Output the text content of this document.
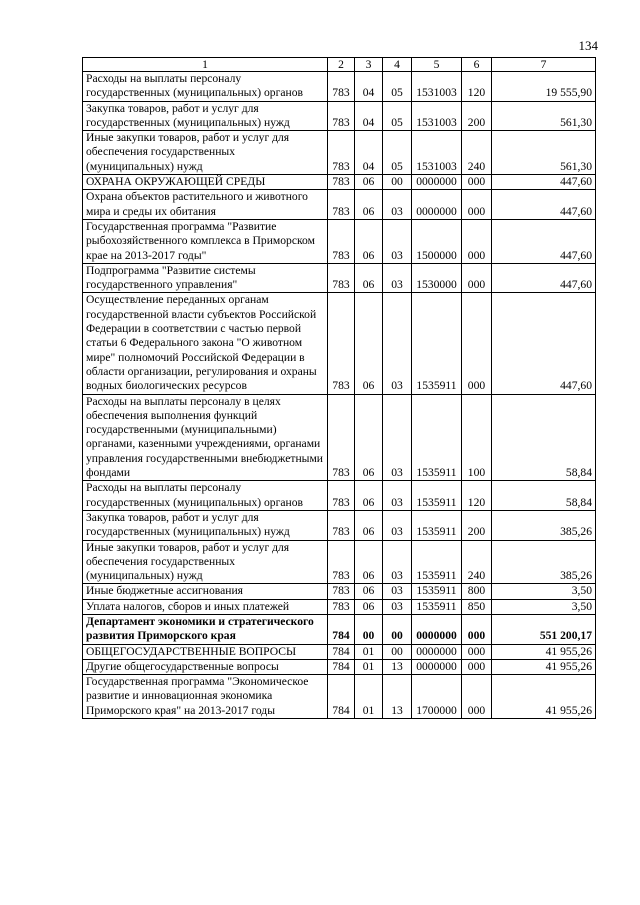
134
1	2	3	4	5	6	7
Расходы на выплаты персоналу государственных (муниципальных) органов	783	04	05	1531003	120	19 555,90
Закупка товаров, работ и услуг для государственных (муниципальных) нужд	783	04	05	1531003	200	561,30
Иные закупки товаров, работ и услуг для обеспечения государственных (муниципальных) нужд	783	04	05	1531003	240	561,30
ОХРАНА ОКРУЖАЮЩЕЙ СРЕДЫ	783	06	00	0000000	000	447,60
Охрана объектов растительного и животного мира и среды их обитания	783	06	03	0000000	000	447,60
Государственная программа "Развитие рыбохозяйственного комплекса в Приморском крае на 2013-2017 годы"	783	06	03	1500000	000	447,60
Подпрограмма "Развитие системы государственного управления"	783	06	03	1530000	000	447,60
Осуществление переданных органам государственной власти субъектов Российской Федерации в соответствии с частью первой статьи 6 Федерального закона "О животном мире" полномочий Российской Федерации в области организации, регулирования и охраны водных биологических ресурсов	783	06	03	1535911	000	447,60
Расходы на выплаты персоналу в целях обеспечения выполнения функций государственными (муниципальными) органами, казенными учреждениями, органами управления государственными внебюджетными фондами	783	06	03	1535911	100	58,84
Расходы на выплаты персоналу государственных (муниципальных) органов	783	06	03	1535911	120	58,84
Закупка товаров, работ и услуг для государственных (муниципальных) нужд	783	06	03	1535911	200	385,26
Иные закупки товаров, работ и услуг для обеспечения государственных (муниципальных) нужд	783	06	03	1535911	240	385,26
Иные бюджетные ассигнования	783	06	03	1535911	800	3,50
Уплата налогов, сборов и иных платежей	783	06	03	1535911	850	3,50
Департамент экономики и стратегического развития Приморского края	784	00	00	0000000	000	551 200,17
ОБЩЕГОСУДАРСТВЕННЫЕ ВОПРОСЫ	784	01	00	0000000	000	41 955,26
Другие общегосударственные вопросы	784	01	13	0000000	000	41 955,26
Государственная программа "Экономическое развитие и инновационная экономика Приморского края" на 2013-2017 годы	784	01	13	1700000	000	41 955,26
